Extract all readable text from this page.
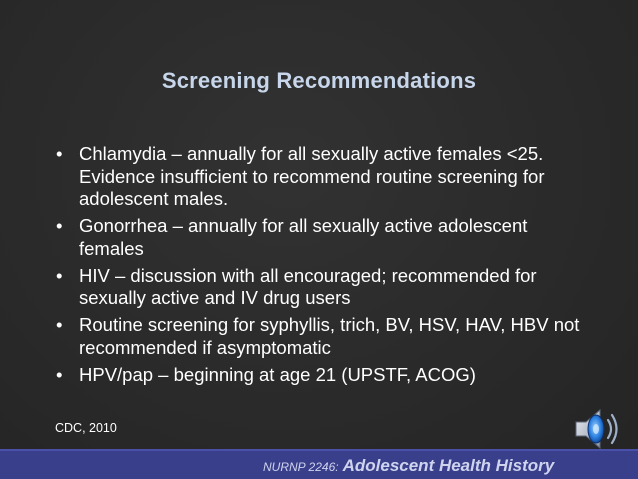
Screening Recommendations
• Chlamydia – annually for all sexually active females <25. Evidence insufficient to recommend routine screening for adolescent males.
• Gonorrhea – annually for all sexually active adolescent females
• HIV – discussion with all encouraged; recommended for sexually active and IV drug users
• Routine screening for syphyllis, trich, BV, HSV, HAV, HBV not recommended if asymptomatic
• HPV/pap – beginning at age 21 (UPSTF, ACOG)
CDC, 2010
NURNP 2246: Adolescent Health History
